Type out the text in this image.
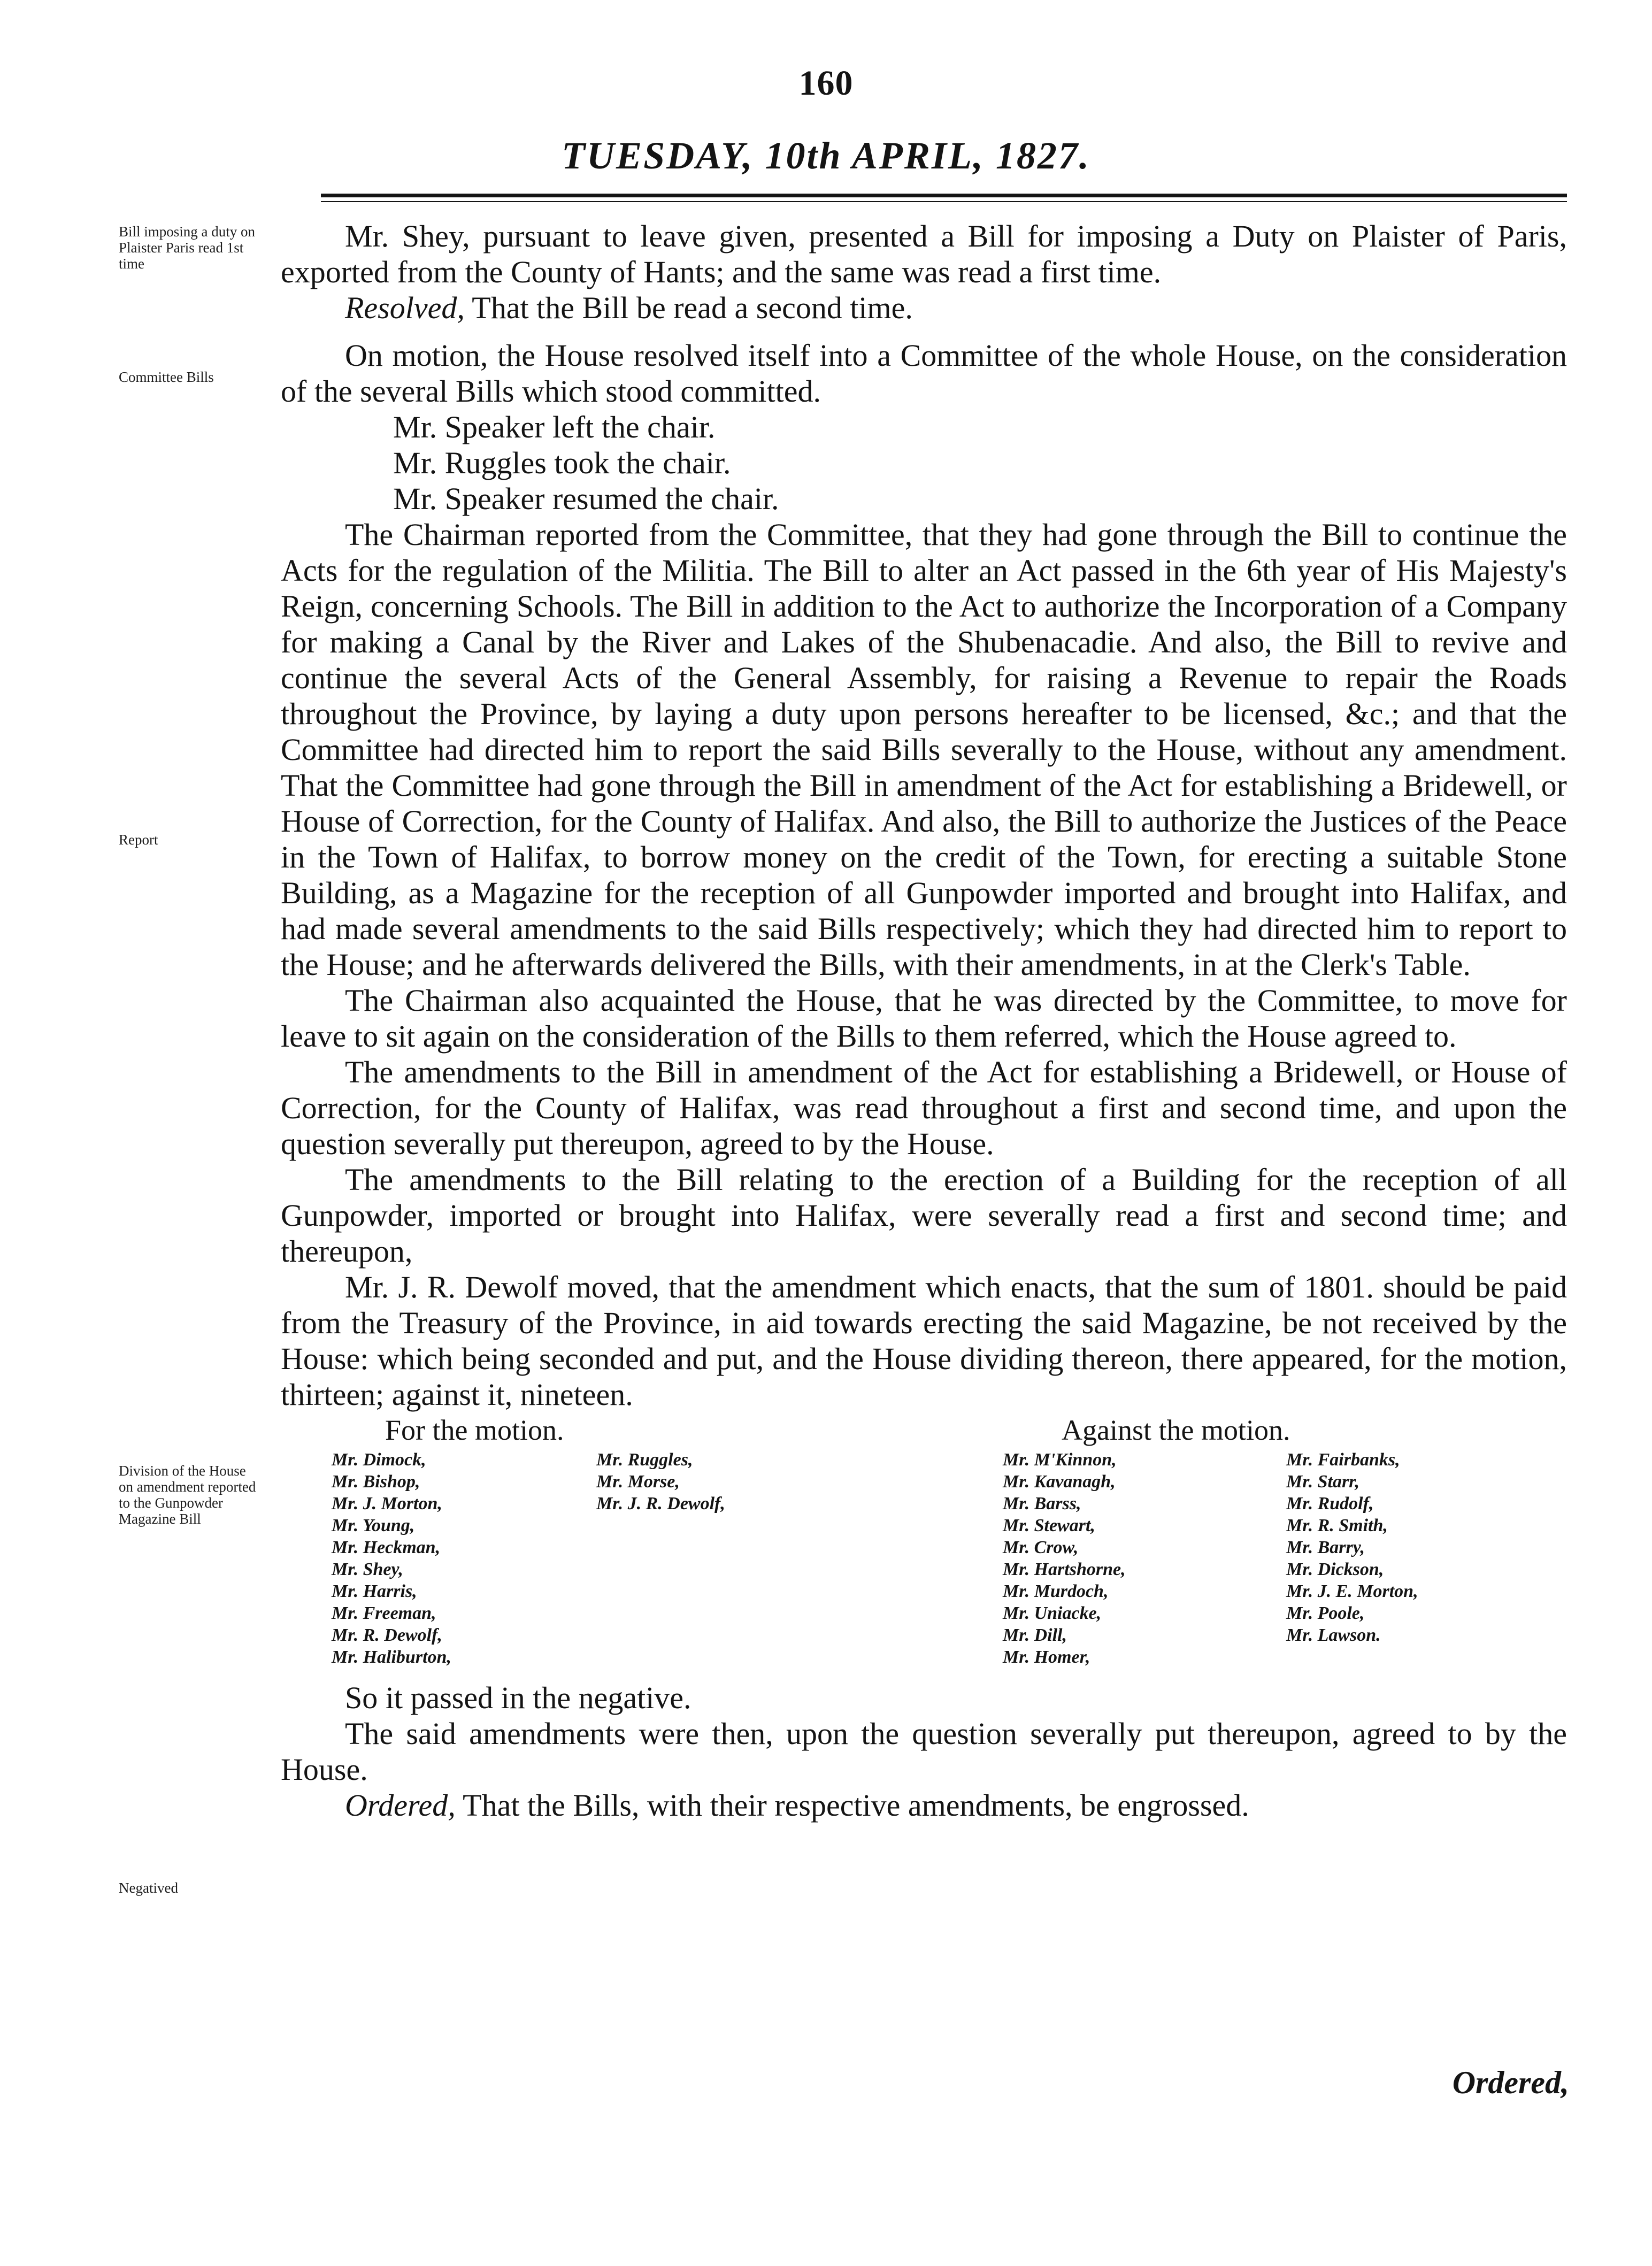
160
TUESDAY, 10th APRIL, 1827.
Bill imposing a duty on Plaister Paris read 1st time
Committee Bills
Report
Division of the House on amendment reported to the Gunpowder Magazine Bill
Negatived

Mr. Shey, pursuant to leave given, presented a Bill for imposing a Duty on Plaister of Paris, exported from the County of Hants; and the same was read a first time.

Resolved, That the Bill be read a second time.

On motion, the House resolved itself into a Committee of the whole House, on the consideration of the several Bills which stood committed.

Mr. Speaker left the chair.

Mr. Ruggles took the chair.

Mr. Speaker resumed the chair.

The Chairman reported from the Committee, that they had gone through the Bill to continue the Acts for the regulation of the Militia. The Bill to alter an Act passed in the 6th year of His Majesty's Reign, concerning Schools. The Bill in addition to the Act to authorize the Incorporation of a Company for making a Canal by the River and Lakes of the Shubenacadie. And also, the Bill to revive and continue the several Acts of the General Assembly, for raising a Revenue to repair the Roads throughout the Province, by laying a duty upon persons hereafter to be licensed, &c.; and that the Committee had directed him to report the said Bills severally to the House, without any amendment. That the Committee had gone through the Bill in amendment of the Act for establishing a Bridewell, or House of Correction, for the County of Halifax. And also, the Bill to authorize the Justices of the Peace in the Town of Halifax, to borrow money on the credit of the Town, for erecting a suitable Stone Building, as a Magazine for the reception of all Gunpowder imported and brought into Halifax, and had made several amendments to the said Bills respectively; which they had directed him to report to the House; and he afterwards delivered the Bills, with their amendments, in at the Clerk's Table.

The Chairman also acquainted the House, that he was directed by the Committee, to move for leave to sit again on the consideration of the Bills to them referred, which the House agreed to.

The amendments to the Bill in amendment of the Act for establishing a Bridewell, or House of Correction, for the County of Halifax, was read throughout a first and second time, and upon the question severally put thereupon, agreed to by the House.

The amendments to the Bill relating to the erection of a Building for the reception of all Gunpowder, imported or brought into Halifax, were severally read a first and second time; and thereupon,

Mr. J. R. Dewolf moved, that the amendment which enacts, that the sum of 1801. should be paid from the Treasury of the Province, in aid towards erecting the said Magazine, be not received by the House: which being seconded and put, and the House dividing thereon, there appeared, for the motion, thirteen; against it, nineteen.

For the motion.	Against the motion.
Mr. Dimock,
Mr. Bishop,
Mr. J. Morton,
Mr. Young,
Mr. Heckman,
Mr. Shey,
Mr. Harris,
Mr. Freeman,
Mr. R. Dewolf,
Mr. Haliburton,
Mr. Ruggles,
Mr. Morse,
Mr. J. R. Dewolf,
Mr. M'Kinnon,
Mr. Kavanagh,
Mr. Barss,
Mr. Stewart,
Mr. Crow,
Mr. Hartshorne,
Mr. Murdoch,
Mr. Uniacke,
Mr. Dill,
Mr. Homer,
Mr. Fairbanks,
Mr. Starr,
Mr. Rudolf,
Mr. R. Smith,
Mr. Barry,
Mr. Dickson,
Mr. J. E. Morton,
Mr. Poole,
Mr. Lawson.

So it passed in the negative.

The said amendments were then, upon the question severally put thereupon, agreed to by the House.

Ordered, That the Bills, with their respective amendments, be engrossed.

Ordered,
